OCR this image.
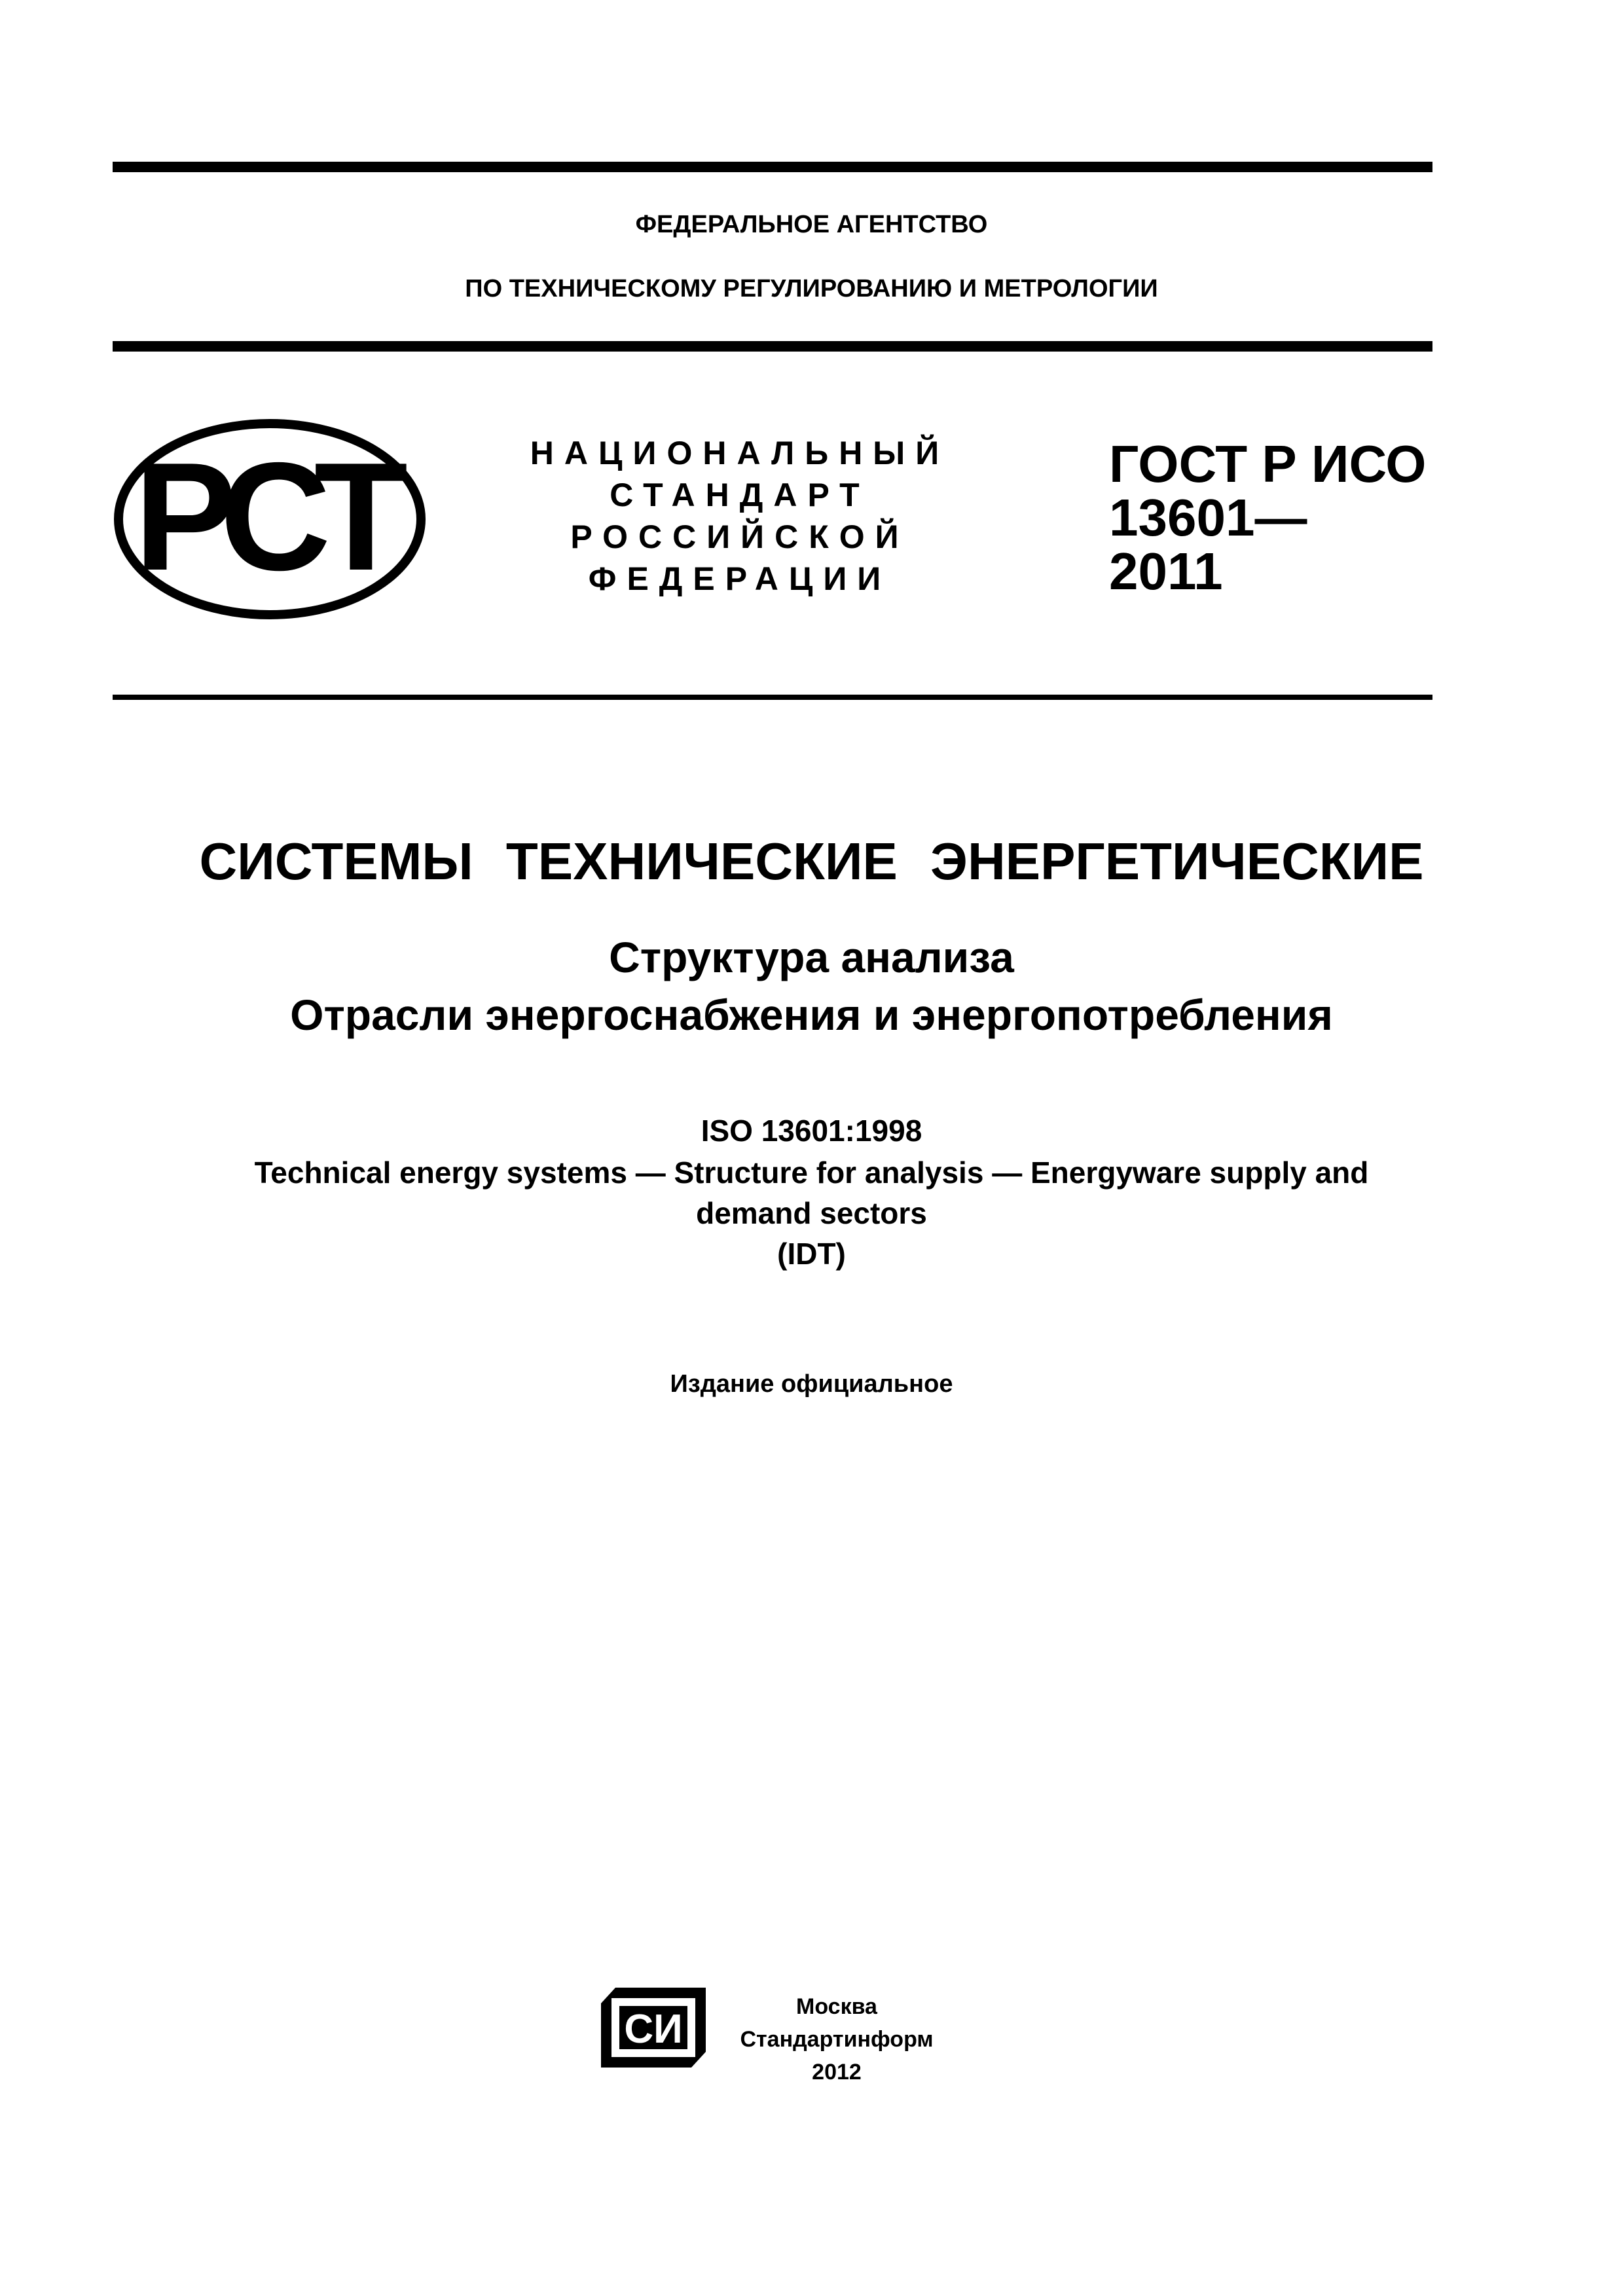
ФЕДЕРАЛЬНОЕ АГЕНТСТВО
ПО ТЕХНИЧЕСКОМУ РЕГУЛИРОВАНИЮ И МЕТРОЛОГИИ
РСТ	НАЦИОНАЛЬНЫЙ
СТАНДАРТ
РОССИЙСКОЙ
ФЕДЕРАЦИИ
ГОСТ Р ИСО
13601—
2011
СИСТЕМЫ ТЕХНИЧЕСКИЕ ЭНЕРГЕТИЧЕСКИЕ
Структура анализа
Отрасли энергоснабжения и энергопотребления
ISO 13601:1998
Technical energy systems — Structure for analysis — Energyware supply and
demand sectors
(IDT)
Издание официальное
СИ	Москва
Стандартинформ
2012
